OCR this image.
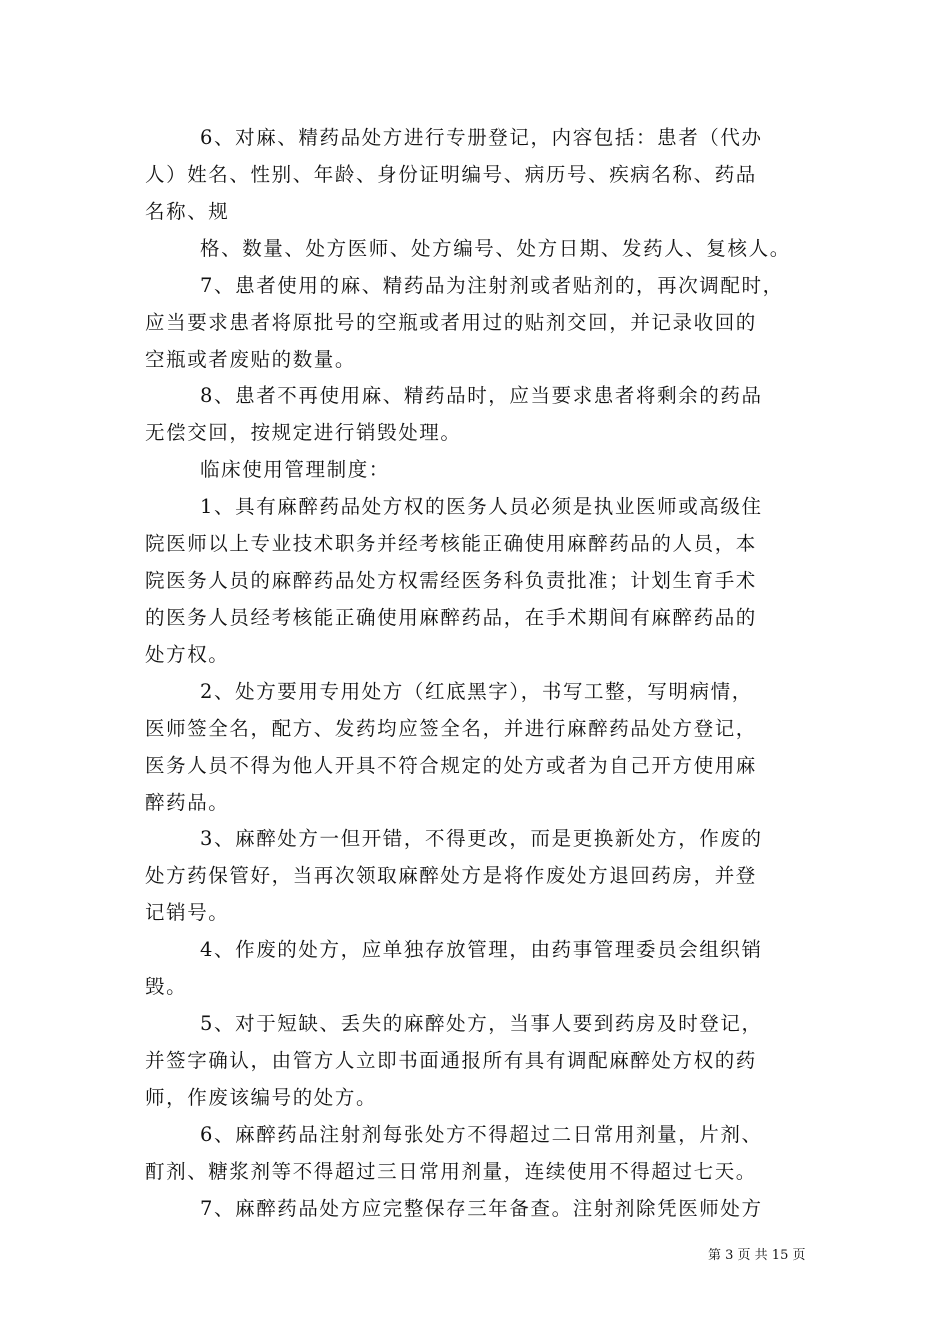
6、对麻、精药品处方进行专册登记，内容包括：患者（代办
人）姓名、性别、年龄、身份证明编号、病历号、疾病名称、药品
名称、规
格、数量、处方医师、处方编号、处方日期、发药人、复核人。
7、患者使用的麻、精药品为注射剂或者贴剂的，再次调配时，
应当要求患者将原批号的空瓶或者用过的贴剂交回，并记录收回的
空瓶或者废贴的数量。
8、患者不再使用麻、精药品时，应当要求患者将剩余的药品
无偿交回，按规定进行销毁处理。
临床使用管理制度：
1、具有麻醉药品处方权的医务人员必须是执业医师或高级住
院医师以上专业技术职务并经考核能正确使用麻醉药品的人员，本
院医务人员的麻醉药品处方权需经医务科负责批准；计划生育手术
的医务人员经考核能正确使用麻醉药品，在手术期间有麻醉药品的
处方权。
2、处方要用专用处方（红底黑字），书写工整，写明病情，
医师签全名，配方、发药均应签全名，并进行麻醉药品处方登记，
医务人员不得为他人开具不符合规定的处方或者为自己开方使用麻
醉药品。
3、麻醉处方一但开错，不得更改，而是更换新处方，作废的
处方药保管好，当再次领取麻醉处方是将作废处方退回药房，并登
记销号。
4、作废的处方，应单独存放管理，由药事管理委员会组织销
毁。
5、对于短缺、丢失的麻醉处方，当事人要到药房及时登记，
并签字确认，由管方人立即书面通报所有具有调配麻醉处方权的药
师，作废该编号的处方。
6、麻醉药品注射剂每张处方不得超过二日常用剂量，片剂、
酊剂、糖浆剂等不得超过三日常用剂量，连续使用不得超过七天。
7、麻醉药品处方应完整保存三年备查。注射剂除凭医师处方
第 3 页 共 15 页
